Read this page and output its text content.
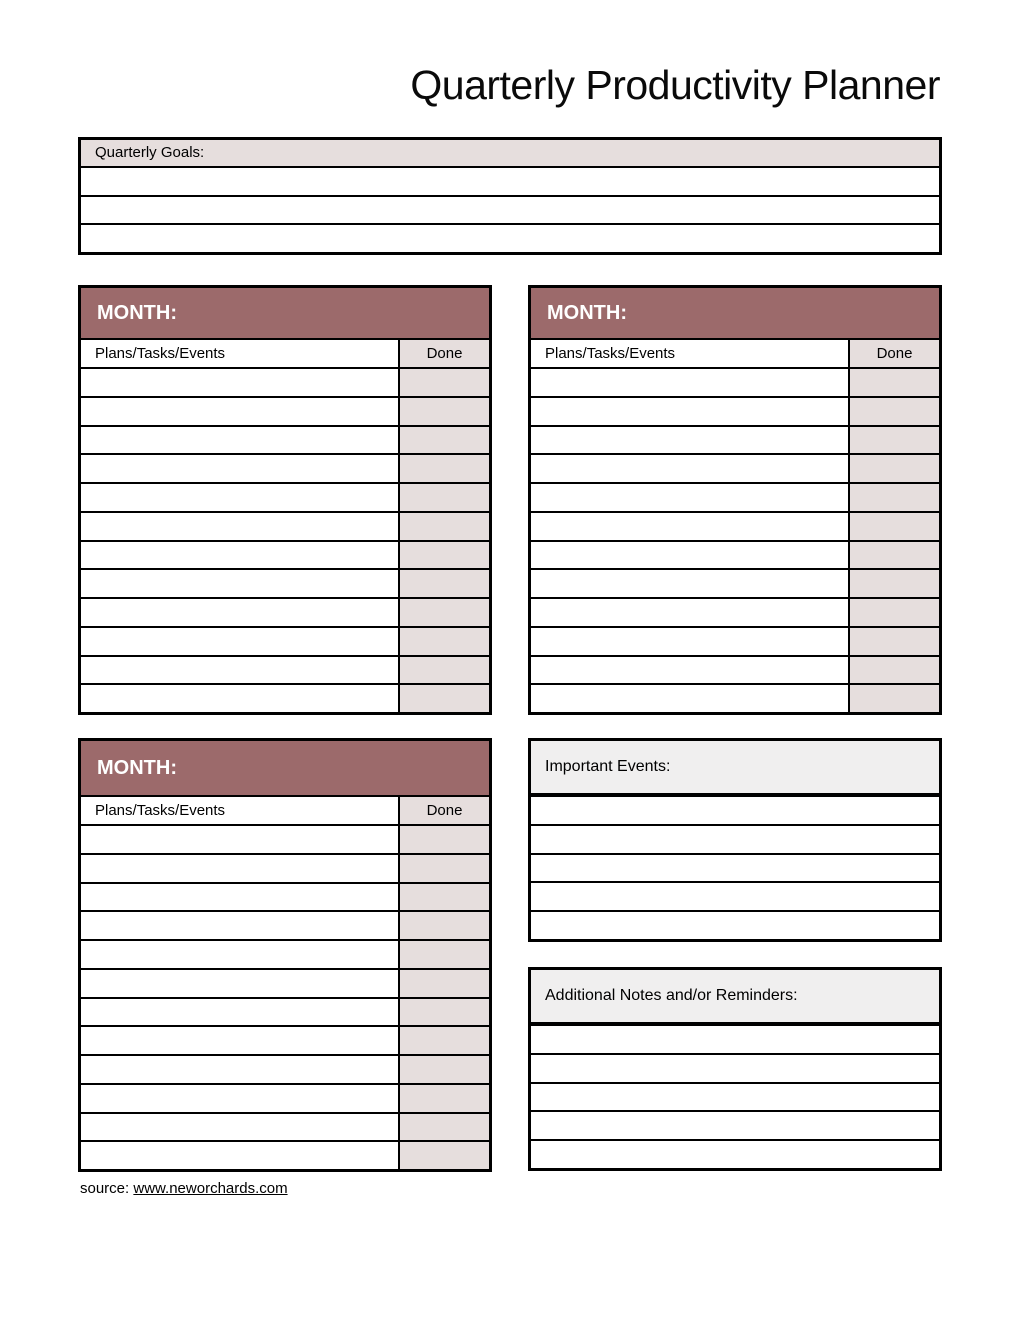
Quarterly Productivity Planner
Quarterly Goals:
MONTH:
Plans/Tasks/Events	Done
MONTH:
Plans/Tasks/Events	Done
MONTH:
Plans/Tasks/Events	Done
Important Events:
Additional Notes and/or Reminders:
source: www.neworchards.com
